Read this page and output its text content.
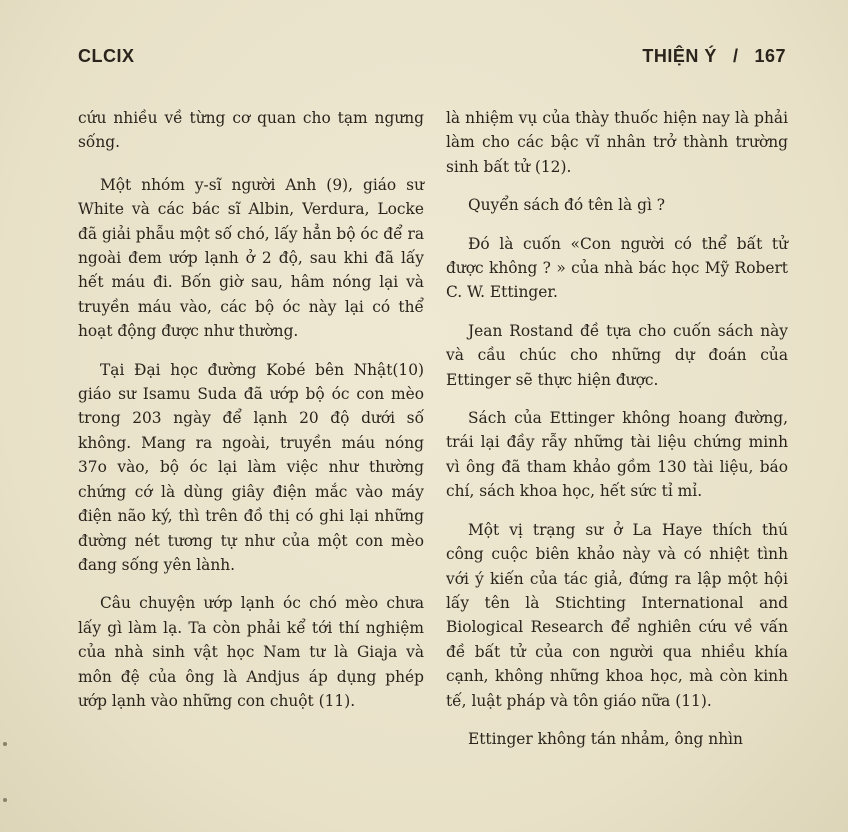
CLCIX	THIỆN Ý / 167

cứu nhiều về từng cơ quan cho tạm ngưng sống.

Một nhóm y-sĩ người Anh (9), giáo sư White và các bác sĩ Albin, Verdura, Locke đã giải phẫu một số chó, lấy hẳn bộ óc để ra ngoài đem ướp lạnh ở 2 độ, sau khi đã lấy hết máu đi. Bốn giờ sau, hâm nóng lại và truyền máu vào, các bộ óc này lại có thể hoạt động được như thường.

Tại Đại học đường Kobé bên Nhật(10) giáo sư Isamu Suda đã ướp bộ óc con mèo trong 203 ngày để lạnh 20 độ dưới số không. Mang ra ngoài, truyền máu nóng 37o vào, bộ óc lại làm việc như thường chứng cớ là dùng giây điện mắc vào máy điện não ký, thì trên đồ thị có ghi lại những đường nét tương tự như của một con mèo đang sống yên lành.

Câu chuyện ướp lạnh óc chó mèo chưa lấy gì làm lạ. Ta còn phải kể tới thí nghiệm của nhà sinh vật học Nam tư là Giaja và môn đệ của ông là Andjus áp dụng phép ướp lạnh vào những con chuột (11).

là nhiệm vụ của thày thuốc hiện nay là phải làm cho các bậc vĩ nhân trở thành trường sinh bất tử (12).

Quyển sách đó tên là gì ?

Đó là cuốn «Con người có thể bất tử được không ? » của nhà bác học Mỹ Robert C. W. Ettinger.

Jean Rostand đề tựa cho cuốn sách này và cầu chúc cho những dự đoán của Ettinger sẽ thực hiện được.

Sách của Ettinger không hoang đường, trái lại đầy rẫy những tài liệu chứng minh vì ông đã tham khảo gồm 130 tài liệu, báo chí, sách khoa học, hết sức tỉ mỉ.

Một vị trạng sư ở La Haye thích thú công cuộc biên khảo này và có nhiệt tình với ý kiến của tác giả, đứng ra lập một hội lấy tên là Stichting International and Biological Research để nghiên cứu về vấn đề bất tử của con người qua nhiều khía cạnh, không những khoa học, mà còn kinh tế, luật pháp và tôn giáo nữa (11).

Ettinger không tán nhảm, ông nhìn
